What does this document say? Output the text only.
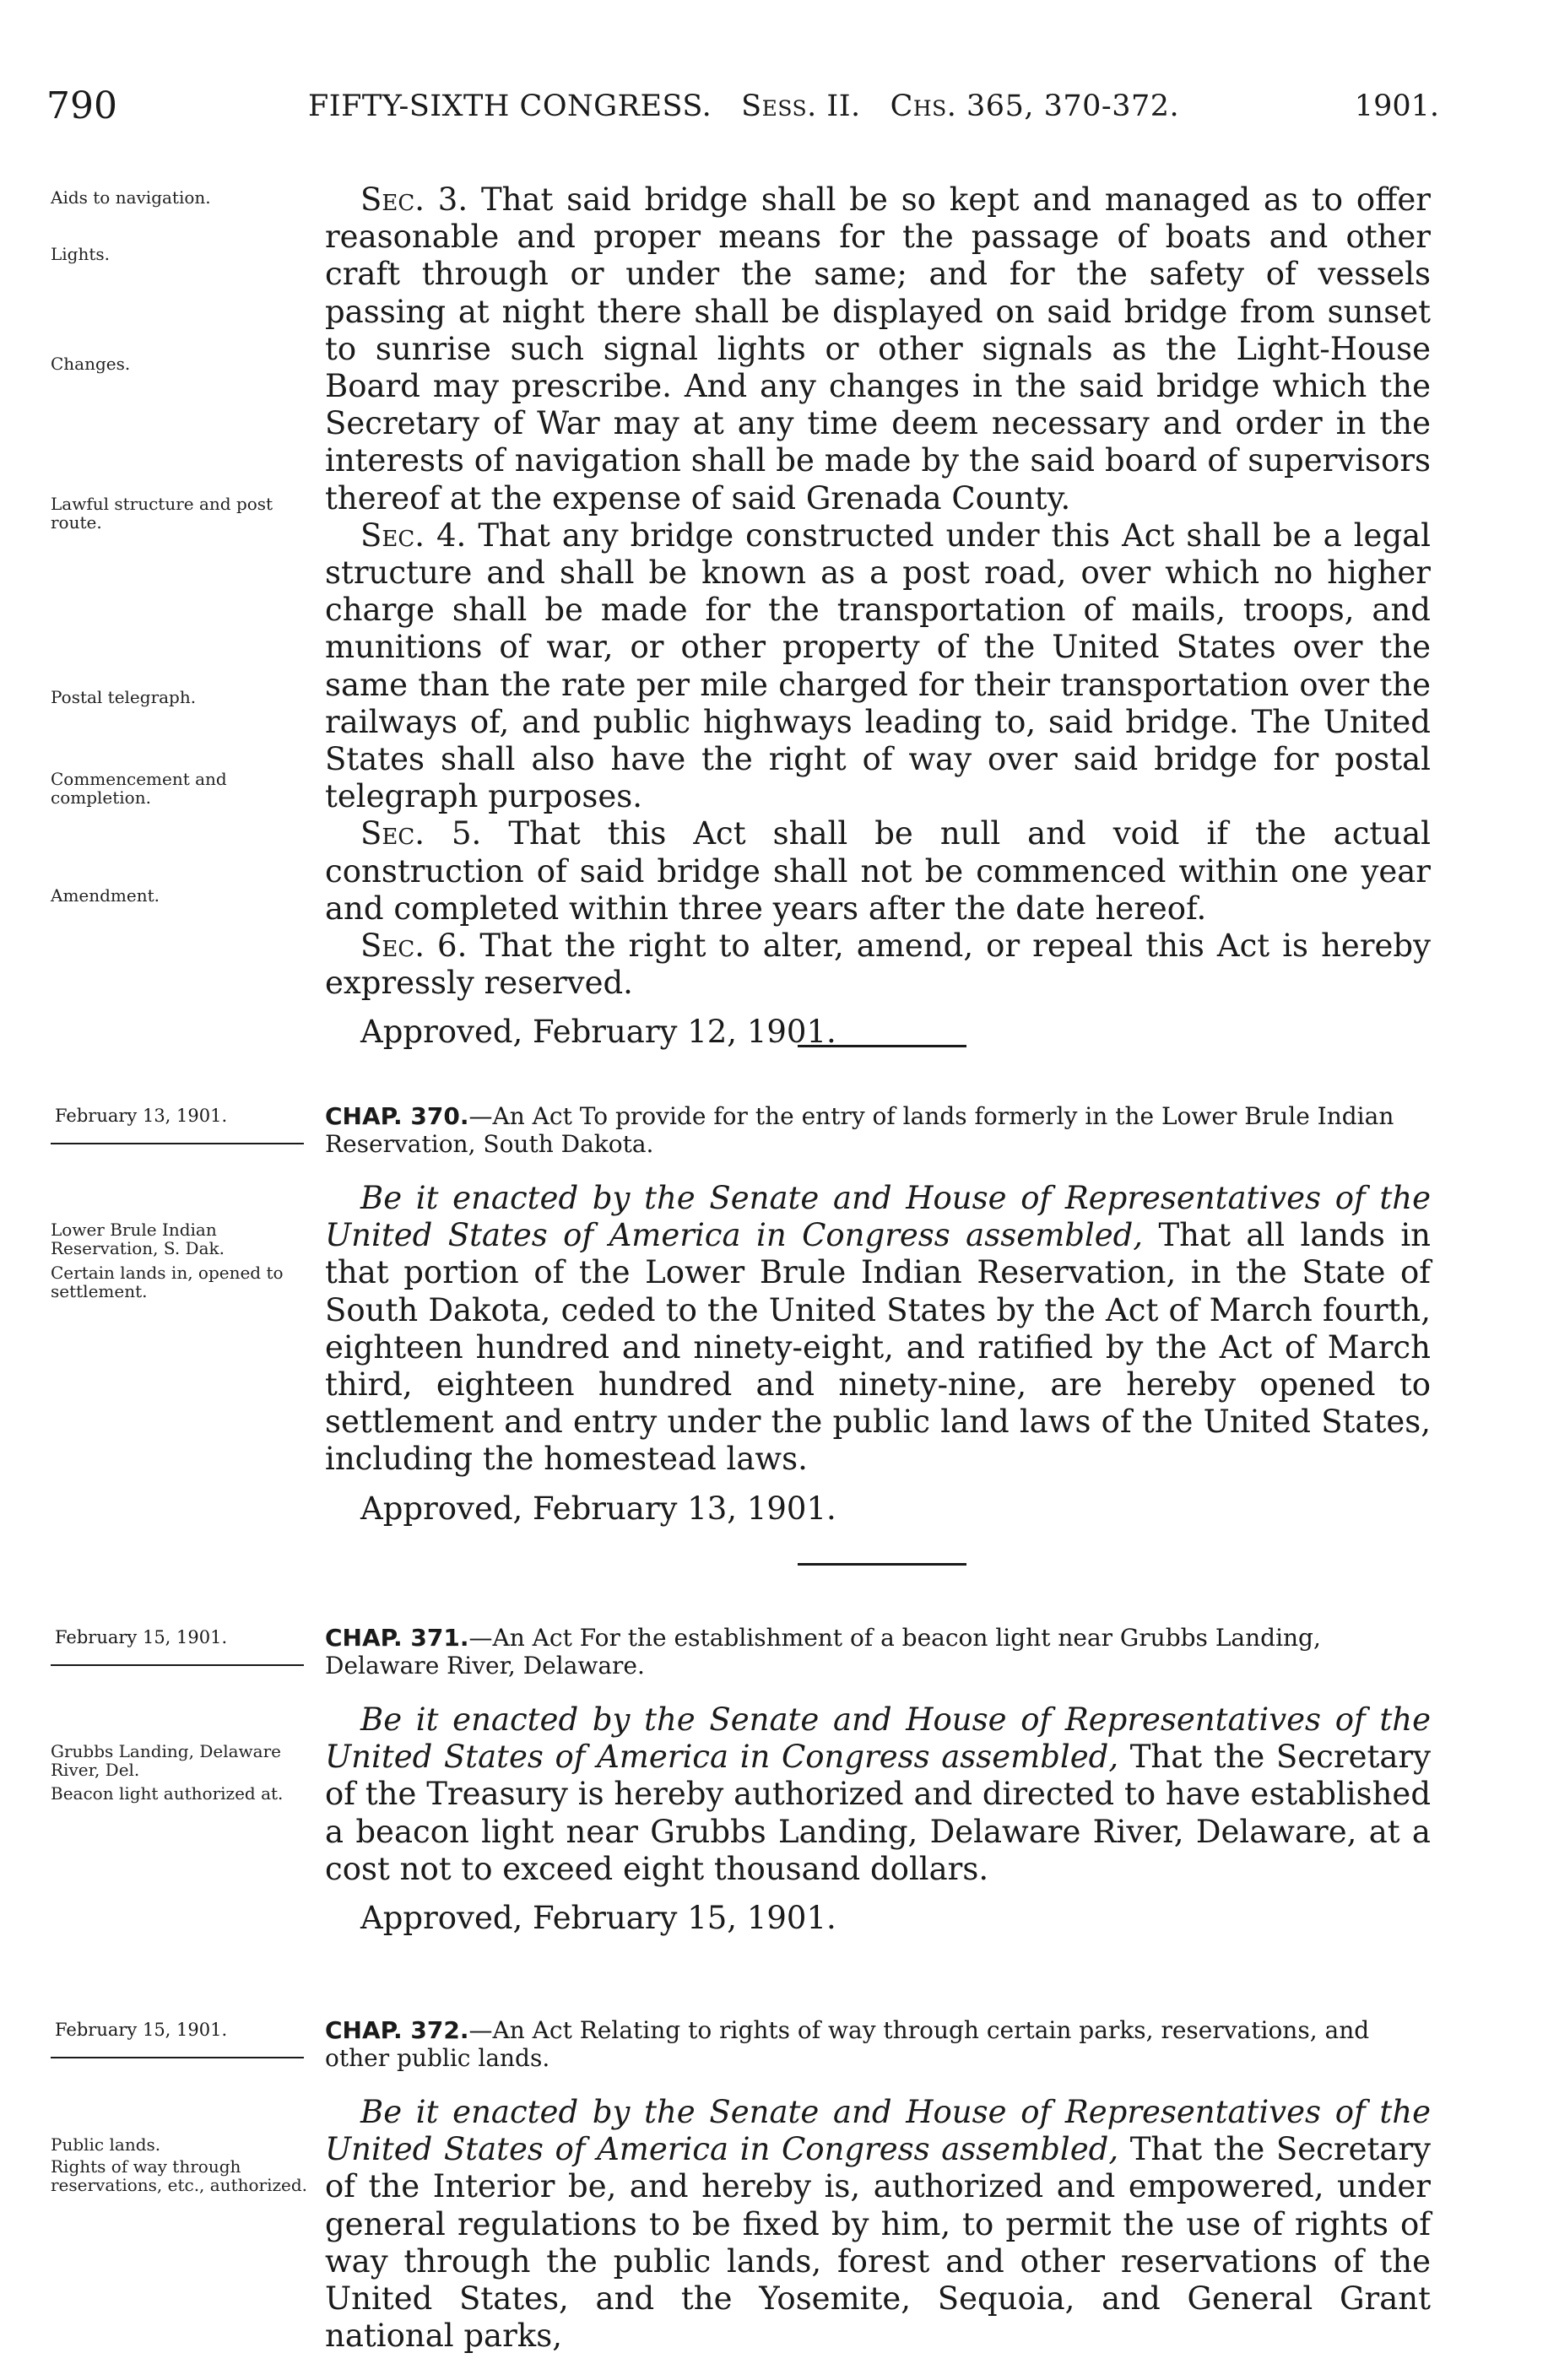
790	FIFTY-SIXTH CONGRESS. Sess. II. Chs. 365, 370-372.	1901.
Aids to navigation.
Lights.
Changes.
Lawful structure and post route.
Postal telegraph.
Commencement and completion.
Amendment.

Sec. 3. That said bridge shall be so kept and managed as to offer reasonable and proper means for the passage of boats and other craft through or under the same; and for the safety of vessels passing at night there shall be displayed on said bridge from sunset to sunrise such signal lights or other signals as the Light-House Board may prescribe. And any changes in the said bridge which the Secretary of War may at any time deem necessary and order in the interests of navigation shall be made by the said board of supervisors thereof at the expense of said Grenada County.

Sec. 4. That any bridge constructed under this Act shall be a legal structure and shall be known as a post road, over which no higher charge shall be made for the transportation of mails, troops, and munitions of war, or other property of the United States over the same than the rate per mile charged for their transportation over the railways of, and public highways leading to, said bridge. The United States shall also have the right of way over said bridge for postal telegraph purposes.

Sec. 5. That this Act shall be null and void if the actual construction of said bridge shall not be commenced within one year and completed within three years after the date hereof.

Sec. 6. That the right to alter, amend, or repeal this Act is hereby expressly reserved.

Approved, February 12, 1901.
February 13, 1901.	CHAP. 370.—An Act To provide for the entry of lands formerly in the Lower Brule Indian Reservation, South Dakota.
Lower Brule Indian Reservation, S. Dak.
Certain lands in, opened to settlement.

Be it enacted by the Senate and House of Representatives of the United States of America in Congress assembled, That all lands in that portion of the Lower Brule Indian Reservation, in the State of South Dakota, ceded to the United States by the Act of March fourth, eighteen hundred and ninety-eight, and ratified by the Act of March third, eighteen hundred and ninety-nine, are hereby opened to settlement and entry under the public land laws of the United States, including the homestead laws.

Approved, February 13, 1901.
February 15, 1901.	CHAP. 371.—An Act For the establishment of a beacon light near Grubbs Landing, Delaware River, Delaware.
Grubbs Landing, Delaware River, Del.
Beacon light authorized at.

Be it enacted by the Senate and House of Representatives of the United States of America in Congress assembled, That the Secretary of the Treasury is hereby authorized and directed to have established a beacon light near Grubbs Landing, Delaware River, Delaware, at a cost not to exceed eight thousand dollars.

Approved, February 15, 1901.
February 15, 1901.	CHAP. 372.—An Act Relating to rights of way through certain parks, reservations, and other public lands.
Public lands.
Rights of way through reservations, etc., authorized.

Be it enacted by the Senate and House of Representatives of the United States of America in Congress assembled, That the Secretary of the Interior be, and hereby is, authorized and empowered, under general regulations to be fixed by him, to permit the use of rights of way through the public lands, forest and other reservations of the United States, and the Yosemite, Sequoia, and General Grant national parks,
